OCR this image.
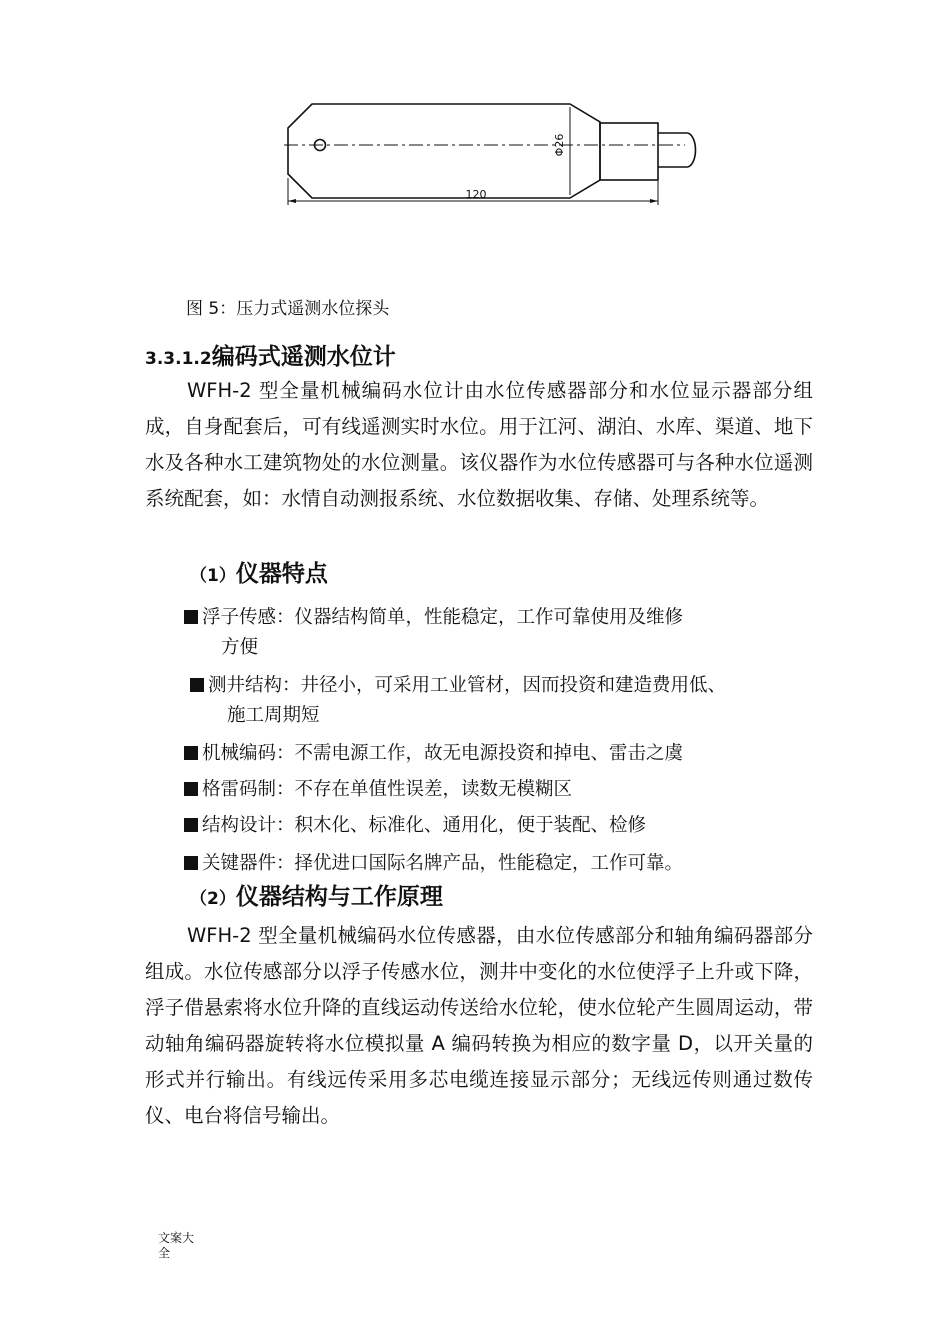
120
Φ26
图 5：压力式遥测水位探头
3.3.1.2编码式遥测水位计
WFH-2 型全量机械编码水位计由水位传感器部分和水位显示器部分组成，自身配套后，可有线遥测实时水位。用于江河、湖泊、水库、渠道、地下水及各种水工建筑物处的水位测量。该仪器作为水位传感器可与各种水位遥测系统配套，如：水情自动测报系统、水位数据收集、存储、处理系统等。
（1）仪器特点
浮子传感：仪器结构简单，性能稳定，工作可靠使用及维修
方便
测井结构：井径小，可采用工业管材，因而投资和建造费用低、
施工周期短
机械编码：不需电源工作，故无电源投资和掉电、雷击之虞
格雷码制：不存在单值性误差，读数无模糊区
结构设计：积木化、标准化、通用化，便于装配、检修
关键器件：择优进口国际名牌产品，性能稳定，工作可靠。
（2）仪器结构与工作原理
WFH-2 型全量机械编码水位传感器，由水位传感部分和轴角编码器部分组成。水位传感部分以浮子传感水位，测井中变化的水位使浮子上升或下降，浮子借悬索将水位升降的直线运动传送给水位轮，使水位轮产生圆周运动，带动轴角编码器旋转将水位模拟量 A 编码转换为相应的数字量 D，以开关量的形式并行输出。有线远传采用多芯电缆连接显示部分；无线远传则通过数传仪、电台将信号输出。
文案大全
